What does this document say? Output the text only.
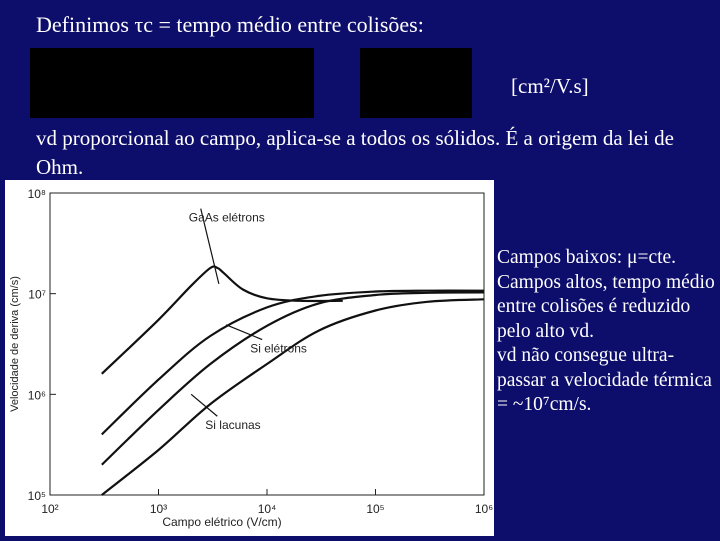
Definimos τc = tempo médio entre colisões:
[cm²/V.s]
vd proporcional ao campo, aplica-se a todos os sólidos. É a origem da lei de Ohm.
10²	10³	10⁴	10⁵	10⁶
10⁵
10⁶
10⁷
10⁸
Campo elétrico (V/cm)
Velocidade de deriva (cm/s)
GaAs elétrons
Si elétrons
Si lacunas
Campos baixos: μ=cte.
Campos altos, tempo médio entre colisões é reduzido pelo alto vd.
vd não consegue ultra-passar a velocidade térmica = ~10⁷cm/s.
